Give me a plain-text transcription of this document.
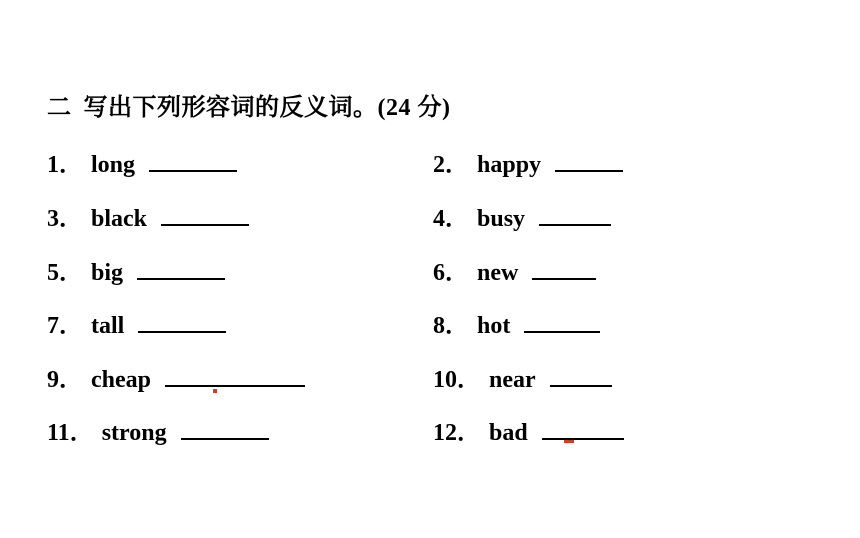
二 写出下列形容词的反义词。(24 分)
1 ． long
3 ． black
5 ． big
7 ． tall
9 ． cheap
11 ． strong
2 ． happy
4 ． busy
6 ． new
8 ． hot
10 ． near
12 ． bad
